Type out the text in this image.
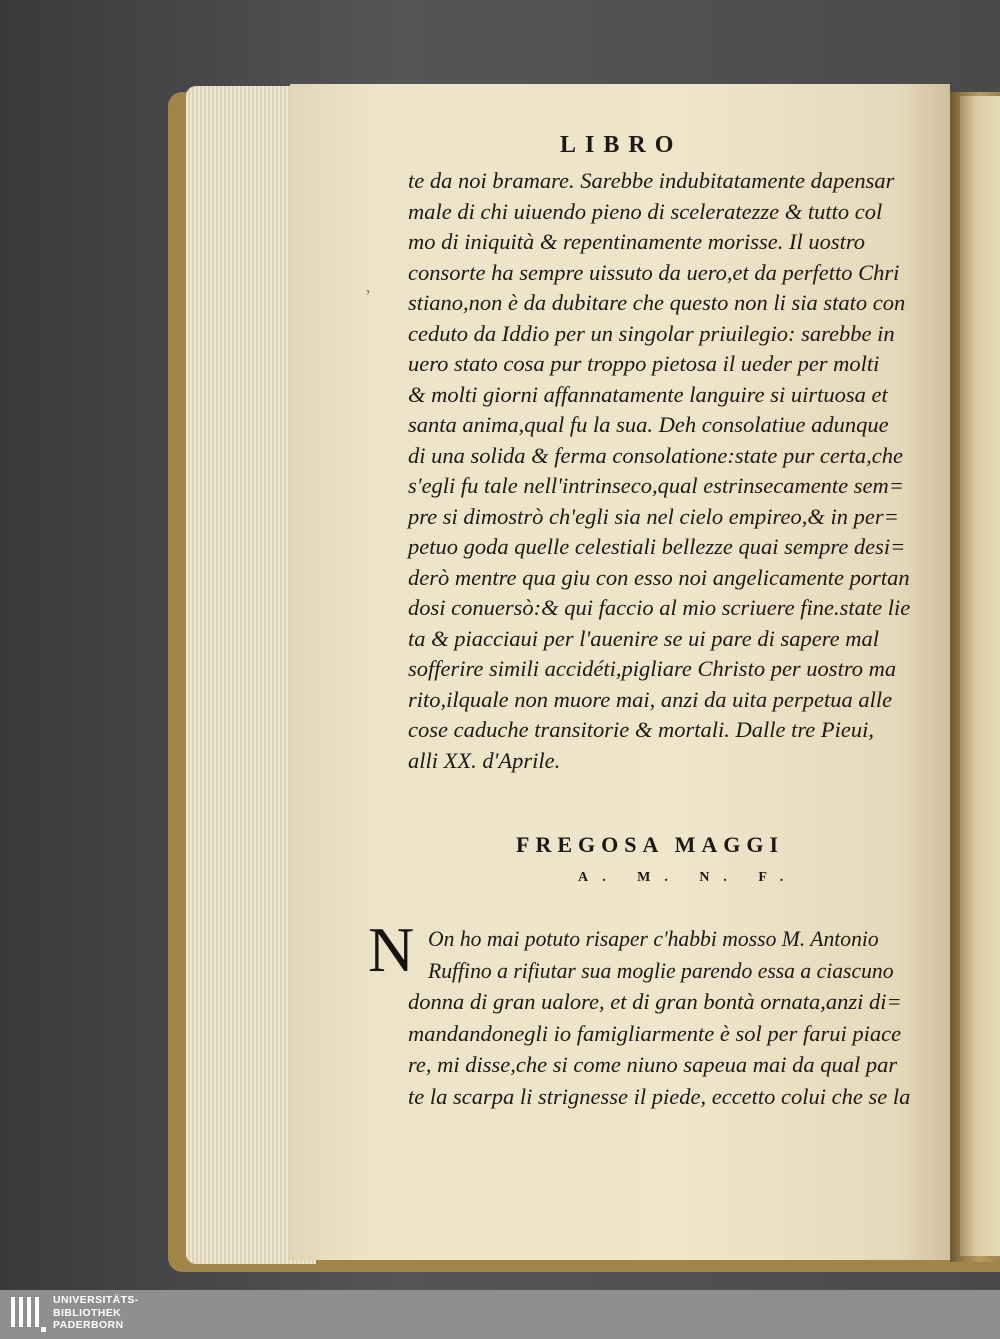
ʼ
LIBRO
te da noi bramare. Sarebbe indubitatamente dapensar
male di chi uiuendo pieno di sceleratezze & tutto col
mo di iniquità & repentinamente morisse. Il uostro
consorte ha sempre uissuto da uero,et da perfetto Chri
stiano,non è da dubitare che questo non li sia stato con
ceduto da Iddio per un singolar priuilegio: sarebbe in
uero stato cosa pur troppo pietosa il ueder per molti
& molti giorni affannatamente languire si uirtuosa et
santa anima,qual fu la sua. Deh consolatiue adunque
di una solida & ferma consolatione:state pur certa,che
s'egli fu tale nell'intrinseco,qual estrinsecamente sem=
pre si dimostrò ch'egli sia nel cielo empireo,& in per=
petuo goda quelle celestiali bellezze quai sempre desi=
derò mentre qua giu con esso noi angelicamente portan
dosi conuersò:& qui faccio al mio scriuere fine.state lie
ta & piacciaui per l'auenire se ui pare di sapere mal
sofferire simili accidéti,pigliare Christo per uostro ma
rito,ilquale non muore mai, anzi da uita perpetua alle
cose caduche transitorie & mortali. Dalle tre Pieui,
alli XX. d'Aprile.
FREGOSA MAGGI
A. M. N. F.
N On ho mai potuto risaper c'habbi mosso M. Antonio
Ruffino a rifiutar sua moglie parendo essa a ciascuno
donna di gran ualore, et di gran bontà ornata,anzi di=
mandandonegli io famigliarmente è sol per farui piace
re, mi disse,che si come niuno sapeua mai da qual par
te la scarpa li strignesse il piede, eccetto colui che se la
UNIVERSITÄTS-
BIBLIOTHEK
PADERBORN
